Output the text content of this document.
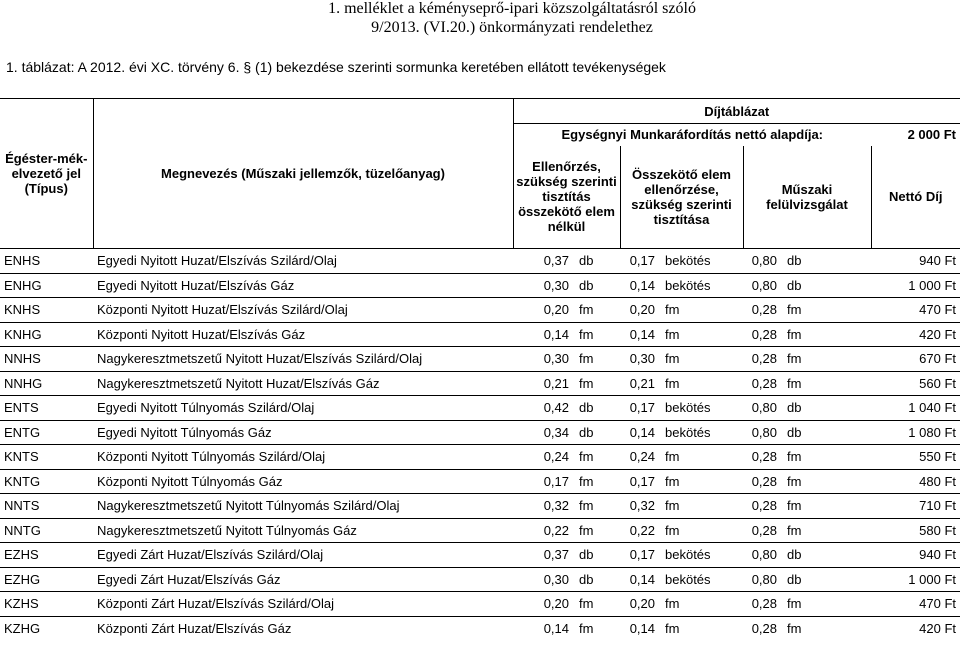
1. melléklet a kéményseprő-ipari közszolgáltatásról szóló
9/2013. (VI.20.) önkormányzati rendelethez
1. táblázat: A 2012. évi XC. törvény 6. § (1) bekezdése szerinti sormunka keretében ellátott tevékenységek
Égéster-mék-elvezető jel (Típus)	Megnevezés (Műszaki jellemzők, tüzelőanyag)	Díjtáblázat						
		Egységnyi Munkaráfordítás nettó alapdíja:						2 000 Ft
		Ellenőrzés, szükség szerinti tisztítás összekötő elem nélkül		Összekötő elem ellenőrzése, szükség szerinti tisztítása		Műszaki felülvizsgálat		Nettó Díj
ENHS	Egyedi Nyitott Huzat/Elszívás Szilárd/Olaj	0,37	db	0,17	bekötés	0,80	db	940 Ft
ENHG	Egyedi Nyitott Huzat/Elszívás Gáz	0,30	db	0,14	bekötés	0,80	db	1 000 Ft
KNHS	Központi Nyitott Huzat/Elszívás Szilárd/Olaj	0,20	fm	0,20	fm	0,28	fm	470 Ft
KNHG	Központi Nyitott Huzat/Elszívás Gáz	0,14	fm	0,14	fm	0,28	fm	420 Ft
NNHS	Nagykeresztmetszetű Nyitott Huzat/Elszívás Szilárd/Olaj	0,30	fm	0,30	fm	0,28	fm	670 Ft
NNHG	Nagykeresztmetszetű Nyitott Huzat/Elszívás Gáz	0,21	fm	0,21	fm	0,28	fm	560 Ft
ENTS	Egyedi Nyitott Túlnyomás Szilárd/Olaj	0,42	db	0,17	bekötés	0,80	db	1 040 Ft
ENTG	Egyedi Nyitott Túlnyomás Gáz	0,34	db	0,14	bekötés	0,80	db	1 080 Ft
KNTS	Központi Nyitott Túlnyomás Szilárd/Olaj	0,24	fm	0,24	fm	0,28	fm	550 Ft
KNTG	Központi Nyitott Túlnyomás Gáz	0,17	fm	0,17	fm	0,28	fm	480 Ft
NNTS	Nagykeresztmetszetű Nyitott Túlnyomás Szilárd/Olaj	0,32	fm	0,32	fm	0,28	fm	710 Ft
NNTG	Nagykeresztmetszetű Nyitott Túlnyomás Gáz	0,22	fm	0,22	fm	0,28	fm	580 Ft
EZHS	Egyedi Zárt Huzat/Elszívás Szilárd/Olaj	0,37	db	0,17	bekötés	0,80	db	940 Ft
EZHG	Egyedi Zárt Huzat/Elszívás Gáz	0,30	db	0,14	bekötés	0,80	db	1 000 Ft
KZHS	Központi Zárt Huzat/Elszívás Szilárd/Olaj	0,20	fm	0,20	fm	0,28	fm	470 Ft
KZHG	Központi Zárt Huzat/Elszívás Gáz	0,14	fm	0,14	fm	0,28	fm	420 Ft
